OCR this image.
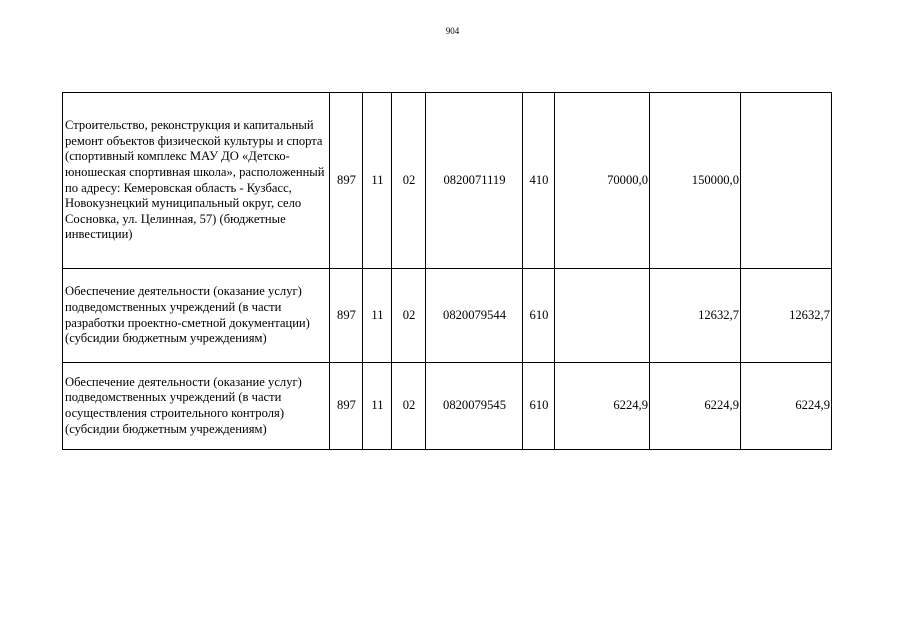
904
Строительство, реконструкция и капитальный ремонт объектов физической культуры и спорта (спортивный комплекс МАУ ДО «Детско-юношеская спортивная школа», расположенный по адресу: Кемеровская область - Кузбасс, Новокузнецкий муниципальный округ, село Сосновка, ул. Целинная, 57) (бюджетные инвестиции)	897	11	02	0820071119	410	70000,0	150000,0	
Обеспечение деятельности (оказание услуг) подведомственных учреждений (в части разработки проектно-сметной документации) (субсидии бюджетным учреждениям)	897	11	02	0820079544	610		12632,7	12632,7
Обеспечение деятельности (оказание услуг) подведомственных учреждений (в части осуществления строительного контроля) (субсидии бюджетным учреждениям)	897	11	02	0820079545	610	6224,9	6224,9	6224,9
